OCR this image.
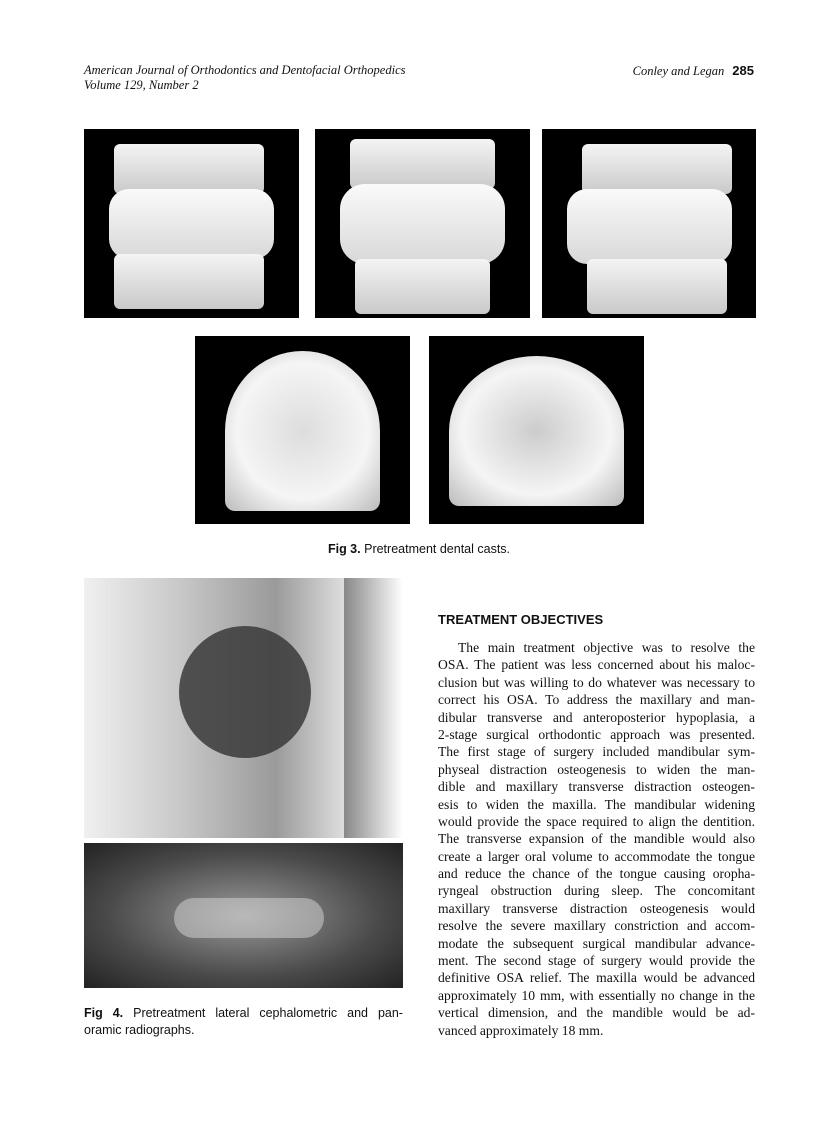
American Journal of Orthodontics and Dentofacial Orthopedics
Volume 129, Number 2
Conley and Legan 285
Fig 3. Pretreatment dental casts.
Fig 4. Pretreatment lateral cephalometric and pan-
oramic radiographs.
TREATMENT OBJECTIVES
The main treatment objective was to resolve the
OSA. The patient was less concerned about his maloc-
clusion but was willing to do whatever was necessary to
correct his OSA. To address the maxillary and man-
dibular transverse and anteroposterior hypoplasia, a
2-stage surgical orthodontic approach was presented.
The first stage of surgery included mandibular sym-
physeal distraction osteogenesis to widen the man-
dible and maxillary transverse distraction osteogen-
esis to widen the maxilla. The mandibular widening
would provide the space required to align the dentition.
The transverse expansion of the mandible would also
create a larger oral volume to accommodate the tongue
and reduce the chance of the tongue causing oropha-
ryngeal obstruction during sleep. The concomitant
maxillary transverse distraction osteogenesis would
resolve the severe maxillary constriction and accom-
modate the subsequent surgical mandibular advance-
ment. The second stage of surgery would provide the
definitive OSA relief. The maxilla would be advanced
approximately 10 mm, with essentially no change in the
vertical dimension, and the mandible would be ad-
vanced approximately 18 mm.
